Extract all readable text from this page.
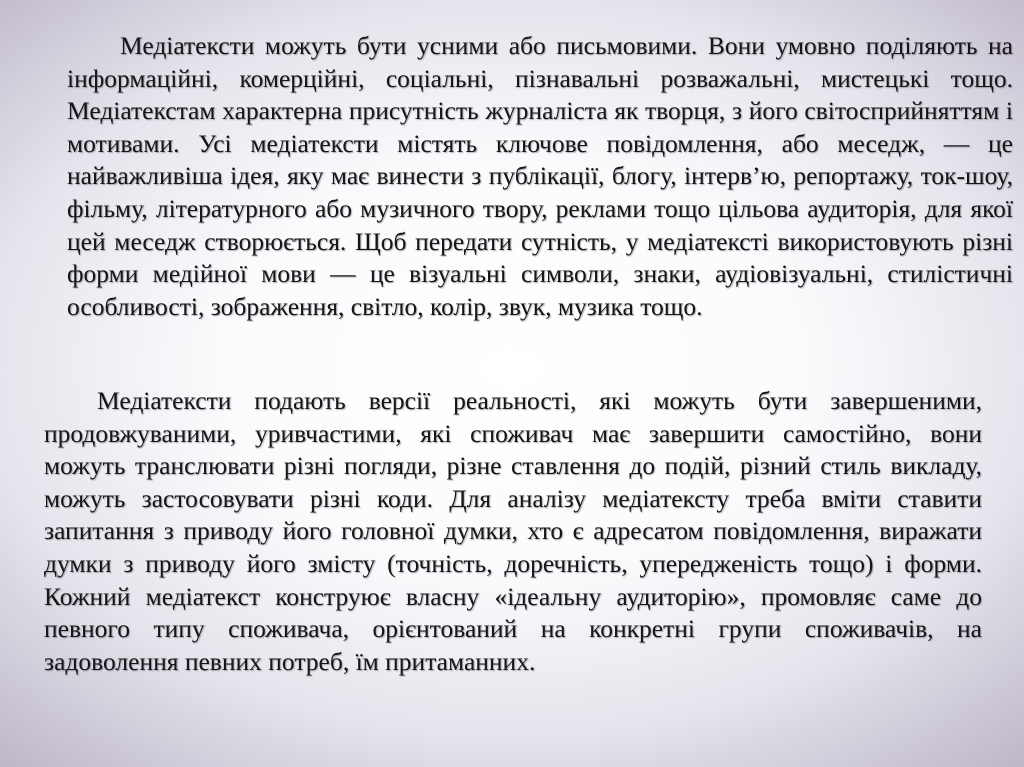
Медіатексти можуть бути усними або письмовими. Вони умовно поділяють на інформаційні, комерційні, соціальні, пізнавальні розважальні, мистецькі тощо. Медіатекстам характерна присутність журналіста як творця, з його світосприйняттям і мотивами. Усі медіатексти містять ключове повідомлення, або меседж, — це найважливіша ідея, яку має винести з публікації, блогу, інтерв’ю, репортажу, ток-шоу, фільму, літературного або музичного твору, реклами тощо цільова аудиторія, для якої цей меседж створюється. Щоб передати сутність, у медіатексті використовують різні форми медійної мови — це візуальні символи, знаки, аудіовізуальні, стилістичні особливості, зображення, світло, колір, звук, музика тощо.

Медіатексти подають версії реальності, які можуть бути завершеними, продовжуваними, уривчастими, які споживач має завершити самостійно, вони можуть транслювати різні погляди, різне ставлення до подій, різний стиль викладу, можуть застосовувати різні коди. Для аналізу медіатексту треба вміти ставити запитання з приводу його головної думки, хто є адресатом повідомлення, виражати думки з приводу його змісту (точність, доречність, упередженість тощо) і форми. Кожний медіатекст конструює власну «ідеальну аудиторію», промовляє саме до певного типу споживача, орієнтований на конкретні групи споживачів, на задоволення певних потреб, їм притаманних.
